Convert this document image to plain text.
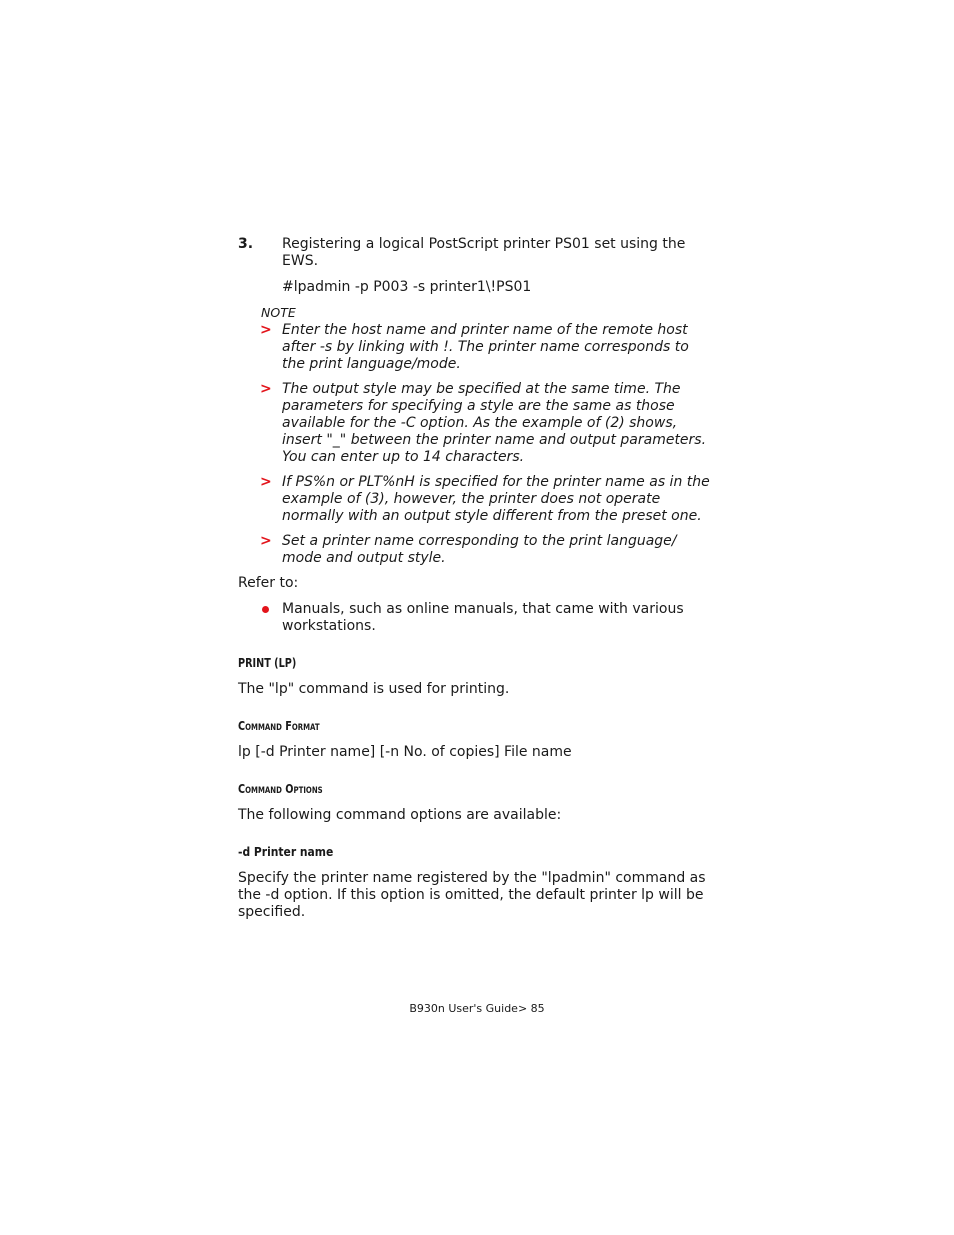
3. Registering a logical PostScript printer PS01 set using the EWS.
#lpadmin -p P003 -s printer1\!PS01
NOTE
> Enter the host name and printer name of the remote host after -s by linking with !. The printer name corresponds to the print language/mode.
> The output style may be specified at the same time. The parameters for specifying a style are the same as those available for the -C option. As the example of (2) shows, insert "_" between the printer name and output parameters. You can enter up to 14 characters.
> If PS%n or PLT%nH is specified for the printer name as in the example of (3), however, the printer does not operate normally with an output style different from the preset one.
> Set a printer name corresponding to the print language/ mode and output style.
Refer to:
Manuals, such as online manuals, that came with various workstations.
PRINT (LP)
The "lp" command is used for printing.
Command Format
lp [-d Printer name] [-n No. of copies] File name
Command Options
The following command options are available:
-d Printer name
Specify the printer name registered by the "lpadmin" command as the -d option. If this option is omitted, the default printer lp will be specified.
B930n User's Guide> 85
